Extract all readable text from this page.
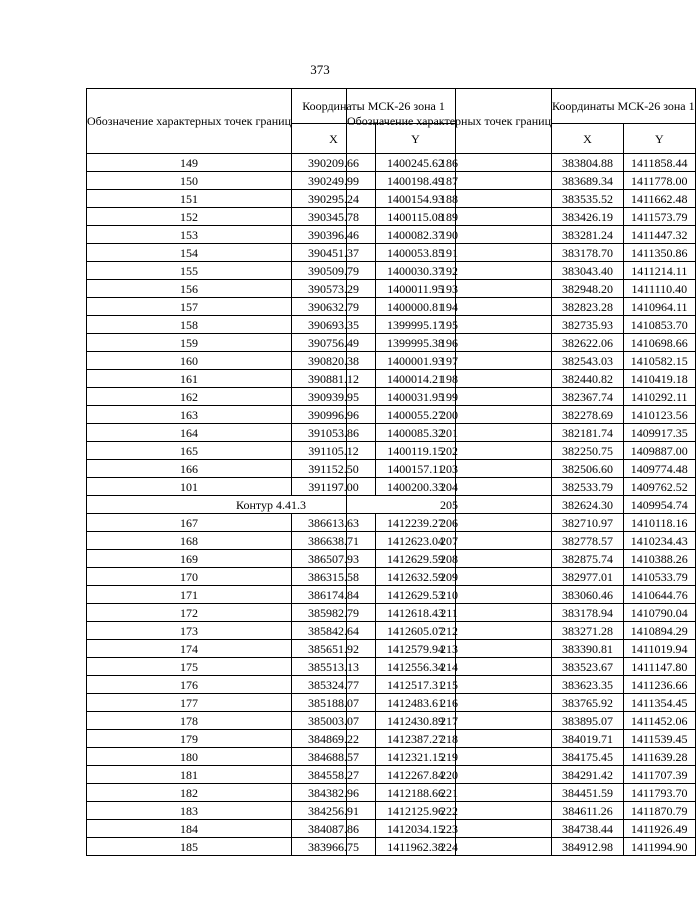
373
Обозначение характерных точек границ	Координаты МСК-26 зона 1	
	X	Y
149	390209.66	1400245.62
150	390249.99	1400198.49
151	390295.24	1400154.93
152	390345.78	1400115.08
153	390396.46	1400082.37
154	390451.37	1400053.85
155	390509.79	1400030.37
156	390573.29	1400011.95
157	390632.79	1400000.81
158	390693.35	1399995.17
159	390756.49	1399995.38
160	390820.38	1400001.93
161	390881.12	1400014.21
162	390939.95	1400031.95
163	390996.96	1400055.27
164	391053.86	1400085.32
165	391105.12	1400119.15
166	391152.50	1400157.11
101	391197.00	1400200.33
Контур 4.41.3		
167	386613.63	1412239.27
168	386638.71	1412623.04
169	386507.93	1412629.59
170	386315.58	1412632.59
171	386174.84	1412629.53
172	385982.79	1412618.43
173	385842.64	1412605.07
174	385651.92	1412579.94
175	385513.13	1412556.34
176	385324.77	1412517.31
177	385188.07	1412483.61
178	385003.07	1412430.89
179	384869.22	1412387.27
180	384688.57	1412321.15
181	384558.27	1412267.84
182	384382.96	1412188.66
183	384256.91	1412125.96
184	384087.86	1412034.15
185	383966.75	1411962.38
Обозначение характерных точек границ	Координаты МСК-26 зона 1	
	X	Y
186	383804.88	1411858.44
187	383689.34	1411778.00
188	383535.52	1411662.48
189	383426.19	1411573.79
190	383281.24	1411447.32
191	383178.70	1411350.86
192	383043.40	1411214.11
193	382948.20	1411110.40
194	382823.28	1410964.11
195	382735.93	1410853.70
196	382622.06	1410698.66
197	382543.03	1410582.15
198	382440.82	1410419.18
199	382367.74	1410292.11
200	382278.69	1410123.56
201	382181.74	1409917.35
202	382250.75	1409887.00
203	382506.60	1409774.48
204	382533.79	1409762.52
205	382624.30	1409954.74
206	382710.97	1410118.16
207	382778.57	1410234.43
208	382875.74	1410388.26
209	382977.01	1410533.79
210	383060.46	1410644.76
211	383178.94	1410790.04
212	383271.28	1410894.29
213	383390.81	1411019.94
214	383523.67	1411147.80
215	383623.35	1411236.66
216	383765.92	1411354.45
217	383895.07	1411452.06
218	384019.71	1411539.45
219	384175.45	1411639.28
220	384291.42	1411707.39
221	384451.59	1411793.70
222	384611.26	1411870.79
223	384738.44	1411926.49
224	384912.98	1411994.90
